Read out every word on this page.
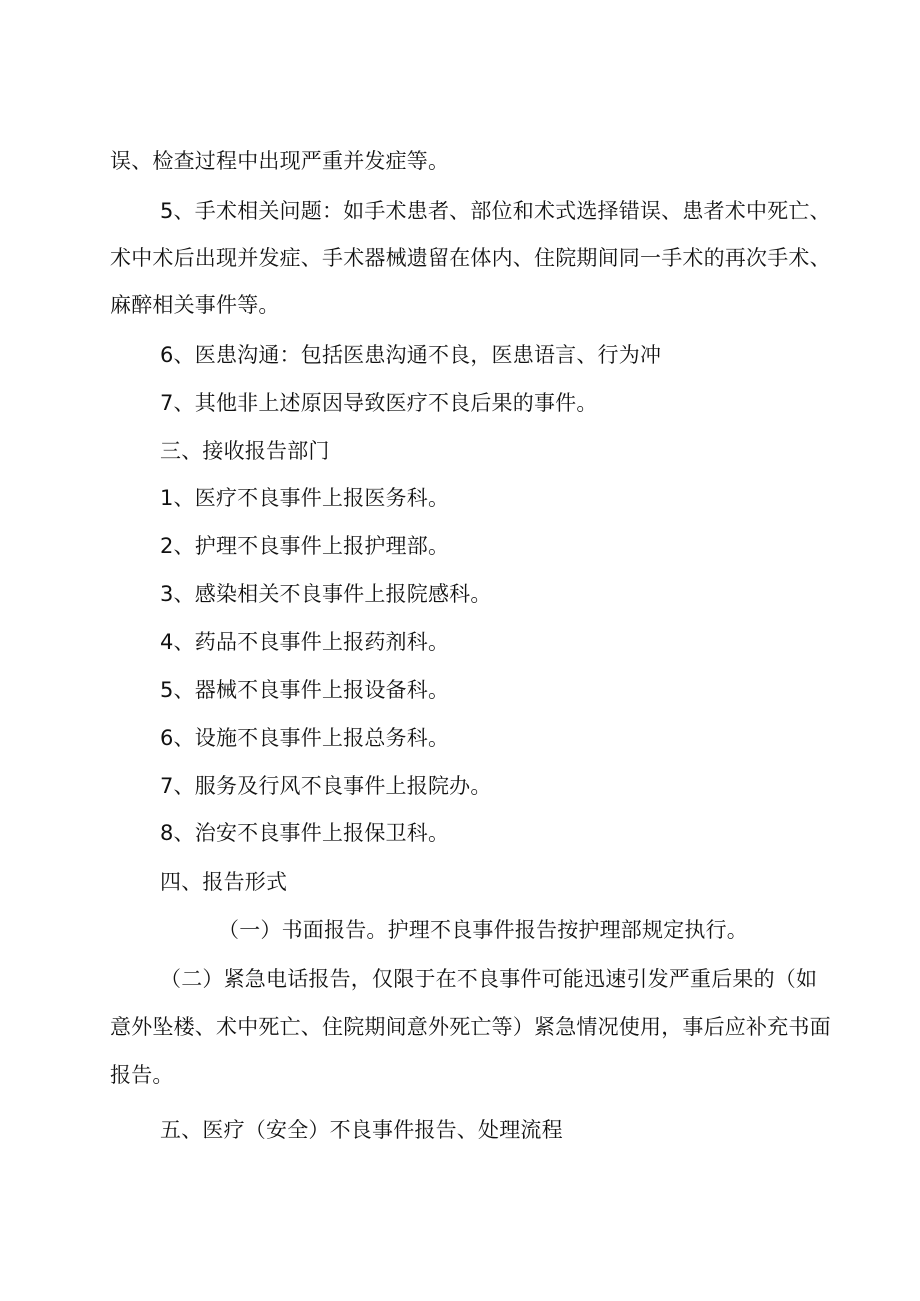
误、检查过程中出现严重并发症等。
5、手术相关问题：如手术患者、部位和术式选择错误、患者术中死亡、
术中术后出现并发症、手术器械遗留在体内、住院期间同一手术的再次手术、
麻醉相关事件等。
6、医患沟通：包括医患沟通不良，医患语言、行为冲
7、其他非上述原因导致医疗不良后果的事件。
三、接收报告部门
1、医疗不良事件上报医务科。
2、护理不良事件上报护理部。
3、感染相关不良事件上报院感科。
4、药品不良事件上报药剂科。
5、器械不良事件上报设备科。
6、设施不良事件上报总务科。
7、服务及行风不良事件上报院办。
8、治安不良事件上报保卫科。
四、报告形式
（一）书面报告。护理不良事件报告按护理部规定执行。
（二）紧急电话报告，仅限于在不良事件可能迅速引发严重后果的（如
意外坠楼、术中死亡、住院期间意外死亡等）紧急情况使用，事后应补充书面
报告。
五、医疗（安全）不良事件报告、处理流程
